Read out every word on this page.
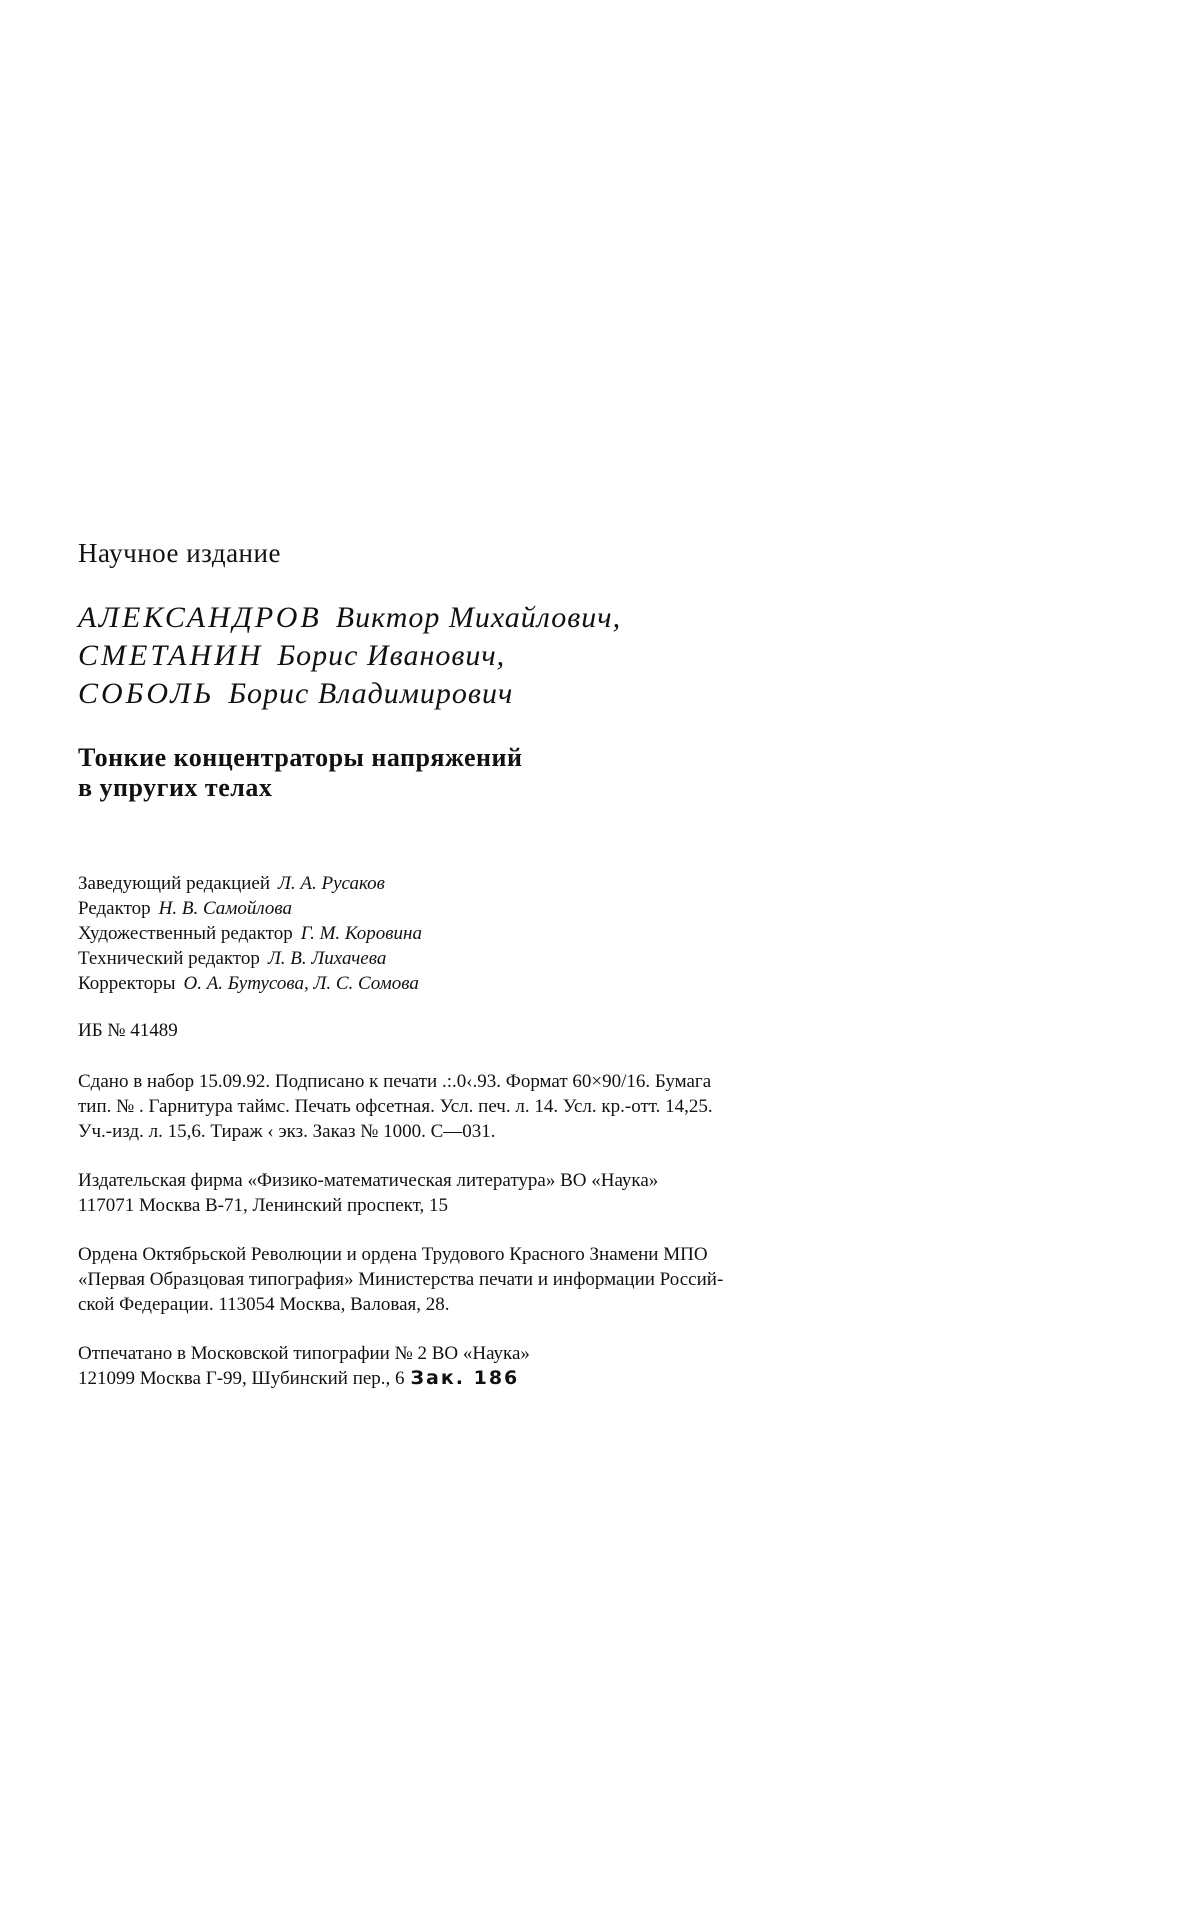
Научное издание
АЛЕКСАНДРОВ Виктор Михайлович,
СМЕТАНИН Борис Иванович,
СОБОЛЬ Борис Владимирович
Тонкие концентраторы напряжений
в упругих телах
Заведующий редакцией Л. А. Русаков
Редактор Н. В. Самойлова
Художественный редактор Г. М. Коровина
Технический редактор Л. В. Лихачева
Корректоры О. А. Бутусова, Л. С. Сомова
ИБ № 41489
Сдано в набор 15.09.92. Подписано к печати .:.0‹.93. Формат 60×90/16. Бумага
тип. № . Гарнитура таймс. Печать офсетная. Усл. печ. л. 14. Усл. кр.-отт. 14,25.
Уч.-изд. л. 15,6. Тираж ‹ экз. Заказ № 1000. С—031.
Издательская фирма «Физико-математическая литература» ВО «Наука»
117071 Москва В-71, Ленинский проспект, 15
Ордена Октябрьской Революции и ордена Трудового Красного Знамени МПО
«Первая Образцовая типография» Министерства печати и информации Россий-
ской Федерации. 113054 Москва, Валовая, 28.
Отпечатано в Московской типографии № 2 ВО «Наука»
121099 Москва Г-99, Шубинский пер., 6 Зак. 186
